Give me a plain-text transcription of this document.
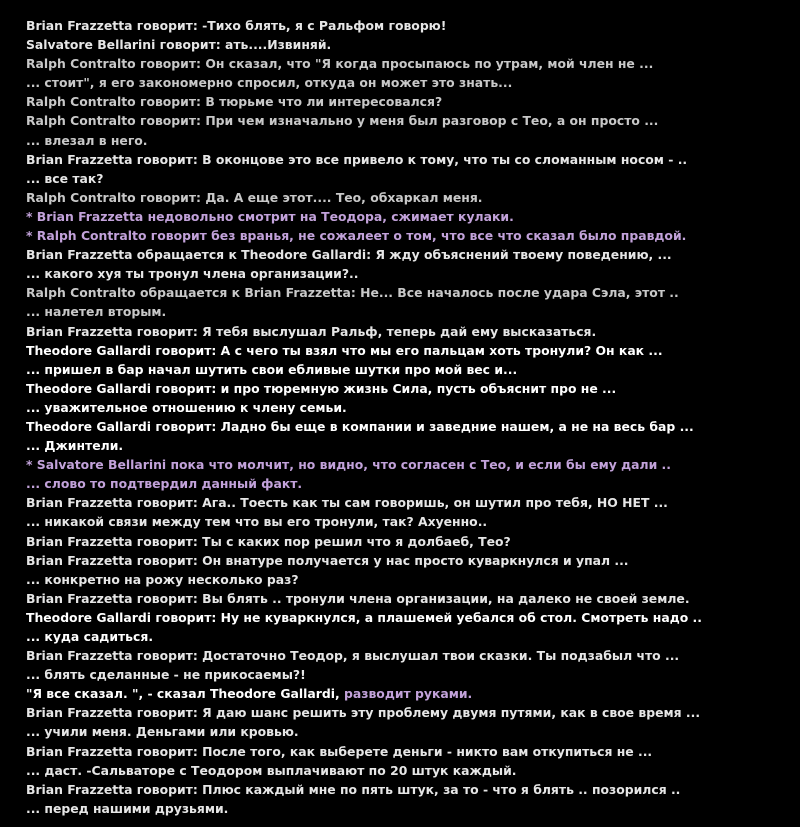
Brian Frazzetta говорит: -Тихо блять, я с Ральфом говорю!
Salvatore Bellarini говорит: ать....Извиняй.
Ralph Contralto говорит: Он сказал, что "Я когда просыпаюсь по утрам, мой член не ...
... стоит", я его закономерно спросил, откуда он может это знать...
Ralph Contralto говорит: В тюрьме что ли интересовался?
Ralph Contralto говорит: При чем изначально у меня был разговор с Тео, а он просто ...
... влезал в него.
Brian Frazzetta говорит: В оконцове это все привело к тому, что ты со сломанным носом - ..
... все так?
Ralph Contralto говорит: Да. А еще этот.... Тео, обхаркал меня.
* Brian Frazzetta недовольно смотрит на Теодора, сжимает кулаки.
* Ralph Contralto говорит без вранья, не сожалеет о том, что все что сказал было правдой.
Brian Frazzetta обращается к Theodore Gallardi: Я жду объяснений твоему поведению, ...
... какого хуя ты тронул члена организации?..
Ralph Contralto обращается к Brian Frazzetta: Не... Все началось после удара Сэла, этот ..
... налетел вторым.
Brian Frazzetta говорит: Я тебя выслушал Ральф, теперь дай ему высказаться.
Theodore Gallardi говорит: А с чего ты взял что мы его пальцам хоть тронули? Он как ...
... пришел в бар начал шутить свои ебливые шутки про мой вес и...
Theodore Gallardi говорит: и про тюремную жизнь Сила, пусть объяснит про не ...
... уважительное отношению к члену семьи.
Theodore Gallardi говорит: Ладно бы еще в компании и заведние нашем, а не на весь бар ...
... Джинтели.
* Salvatore Bellarini пока что молчит, но видно, что согласен с Тео, и если бы ему дали ..
... слово то подтвердил данный факт.
Brian Frazzetta говорит: Ага.. Тоесть как ты сам говоришь, он шутил про тебя, НО НЕТ ...
... никакой связи между тем что вы его тронули, так? Ахуенно..
Brian Frazzetta говорит: Ты с каких пор решил что я долбаеб, Тео?
Brian Frazzetta говорит: Он внатуре получается у нас просто куваркнулся и упал ...
... конкретно на рожу несколько раз?
Brian Frazzetta говорит: Вы блять .. тронули члена организации, на далеко не своей земле.
Theodore Gallardi говорит: Ну не куваркнулся, а плашемей уебался об стол. Смотреть надо ..
... куда садиться.
Brian Frazzetta говорит: Достаточно Теодор, я выслушал твои сказки. Ты подзабыл что ...
... блять сделанные - не прикосаемы?!
"Я все сказал. ", - сказал Theodore Gallardi, разводит руками.
Brian Frazzetta говорит: Я даю шанс решить эту проблему двумя путями, как в свое время ...
... учили меня. Деньгами или кровью.
Brian Frazzetta говорит: После того, как выберете деньги - никто вам откупиться не ...
... даст. -Сальваторе с Теодором выплачивают по 20 штук каждый.
Brian Frazzetta говорит: Плюс каждый мне по пять штук, за то - что я блять .. позорился ..
... перед нашими друзьями.
